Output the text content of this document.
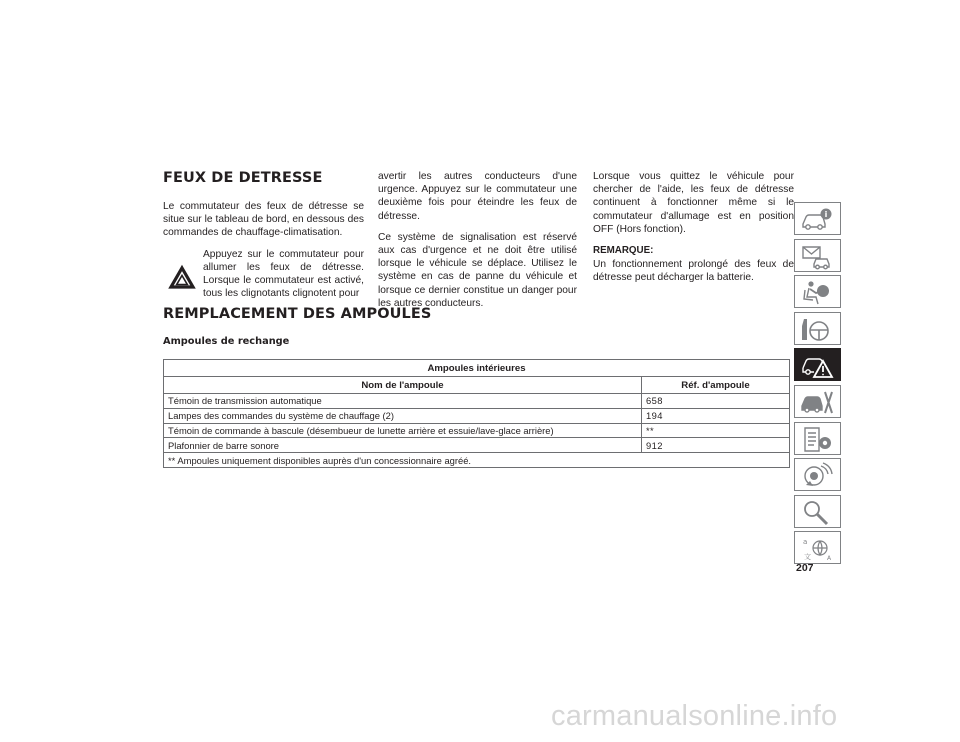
FEUX DE DETRESSE

Le commutateur des feux de détresse se situe sur le tableau de bord, en dessous des commandes de chauffage-climatisation.

Appuyez sur le commutateur pour allumer les feux de détresse. Lorsque le commutateur est activé, tous les clignotants clignotent pour

avertir les autres conducteurs d'une urgence. Appuyez sur le commutateur une deuxième fois pour éteindre les feux de détresse.

Ce système de signalisation est réservé aux cas d'urgence et ne doit être utilisé lorsque le véhicule se déplace. Utilisez le système en cas de panne du véhicule et lorsque ce dernier constitue un danger pour les autres conducteurs.

Lorsque vous quittez le véhicule pour chercher de l'aide, les feux de détresse continuent à fonctionner même si le commutateur d'allumage est en position OFF (Hors fonction).

REMARQUE:

Un fonctionnement prolongé des feux de détresse peut décharger la batterie.

REMPLACEMENT DES AMPOULES
Ampoules de rechange
Ampoules intérieures	
Nom de l'ampoule	Réf. d'ampoule
Témoin de transmission automatique	658
Lampes des commandes du système de chauffage (2)	194
Témoin de commande à bascule (désembueur de lunette arrière et essuie/lave-glace arrière)	**
Plafonnier de barre sonore	912
** Ampoules uniquement disponibles auprès d'un concessionnaire agréé.	
i
a
文	A
207
carmanualsonline.info
